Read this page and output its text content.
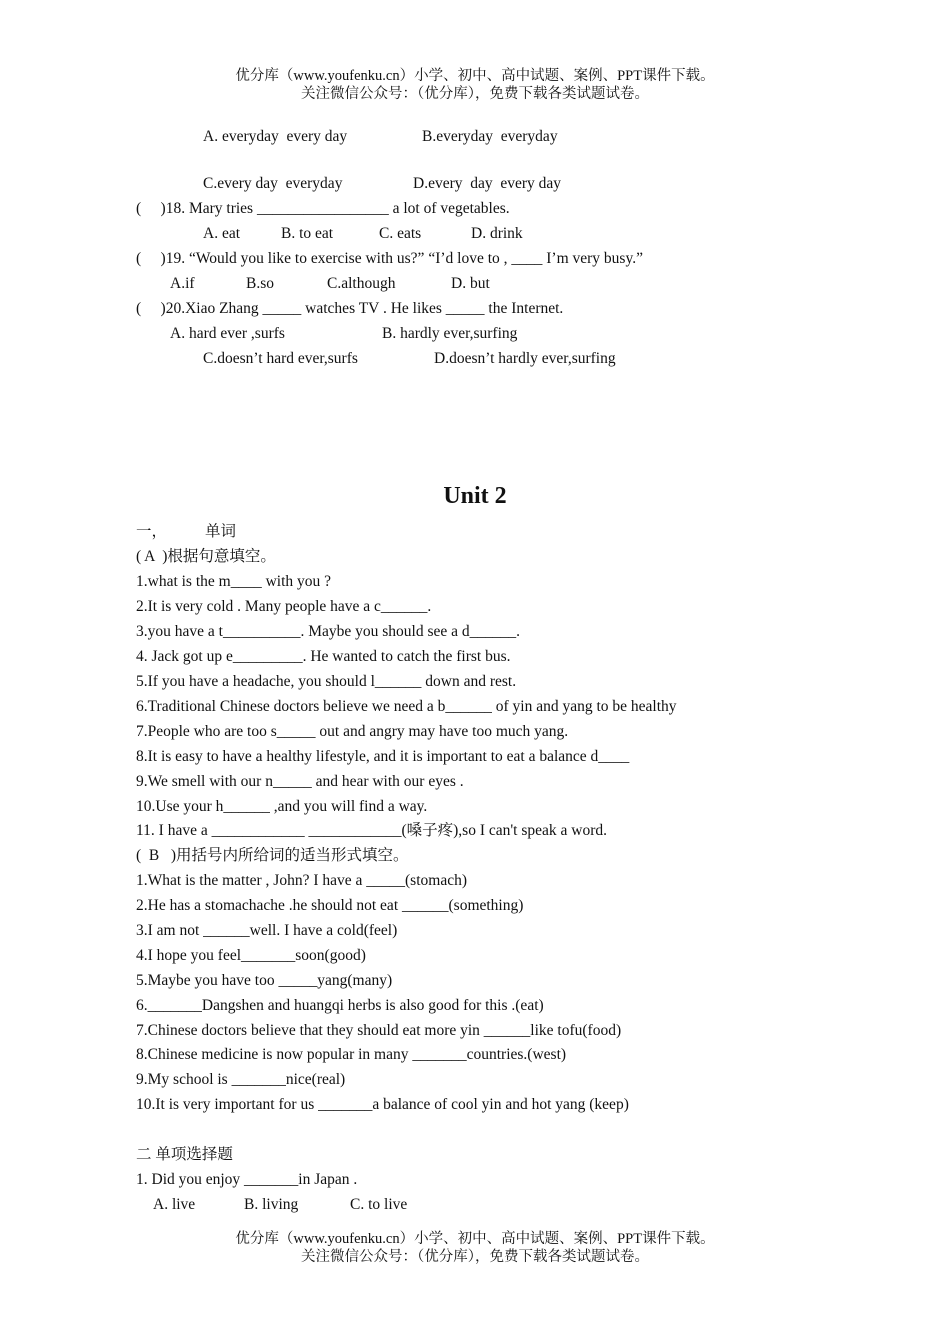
优分库（www.youfenku.cn）小学、初中、高中试题、案例、PPT课件下载。
关注微信公众号：（优分库），免费下载各类试题试卷。
A. everyday  every day	B.everyday  everyday
C.every day  everyday	D.every  day  every day
(     )18. Mary tries _________________ a lot of vegetables.
A. eat	B. to eat	C. eats	D. drink
(     )19. “Would you like to exercise with us?” “I’d love to , ____ I’m very busy.”
A.if	B.so	C.although	D. but
(     )20.Xiao Zhang _____ watches TV . He likes _____ the Internet.
A. hard ever ,surfs	B. hardly ever,surfing
C.doesn’t hard ever,surfs	D.doesn’t hardly ever,surfing
Unit 2
一， 单词
( A  )根据句意填空。
1.what is the m____ with you ?
2.It is very cold . Many people have a c______.
3.you have a t__________. Maybe you should see a d______.
4. Jack got up e_________. He wanted to catch the first bus.
5.If you have a headache, you should l______ down and rest.
6.Traditional Chinese doctors believe we need a b______ of yin and yang to be healthy
7.People who are too s_____ out and angry may have too much yang.
8.It is easy to have a healthy lifestyle, and it is important to eat a balance d____
9.We smell with our n_____ and hear with our eyes .
10.Use your h______ ,and you will find a way.
11. I have a ____________ ____________(嗓子疼),so I can't speak a word.
(  B   )用括号内所给词的适当形式填空。
1.What is the matter , John? I have a _____(stomach)
2.He has a stomachache .he should not eat ______(something)
3.I am not ______well. I have a cold(feel)
4.I hope you feel_______soon(good)
5.Maybe you have too _____yang(many)
6._______Dangshen and huangqi herbs is also good for this .(eat)
7.Chinese doctors believe that they should eat more yin ______like tofu(food)
8.Chinese medicine is now popular in many _______countries.(west)
9.My school is _______nice(real)
10.It is very important for us _______a balance of cool yin and hot yang (keep)
二 单项选择题
1. Did you enjoy _______in Japan .
A. live	B. living	C. to live
优分库（www.youfenku.cn）小学、初中、高中试题、案例、PPT课件下载。
关注微信公众号：（优分库），免费下载各类试题试卷。
